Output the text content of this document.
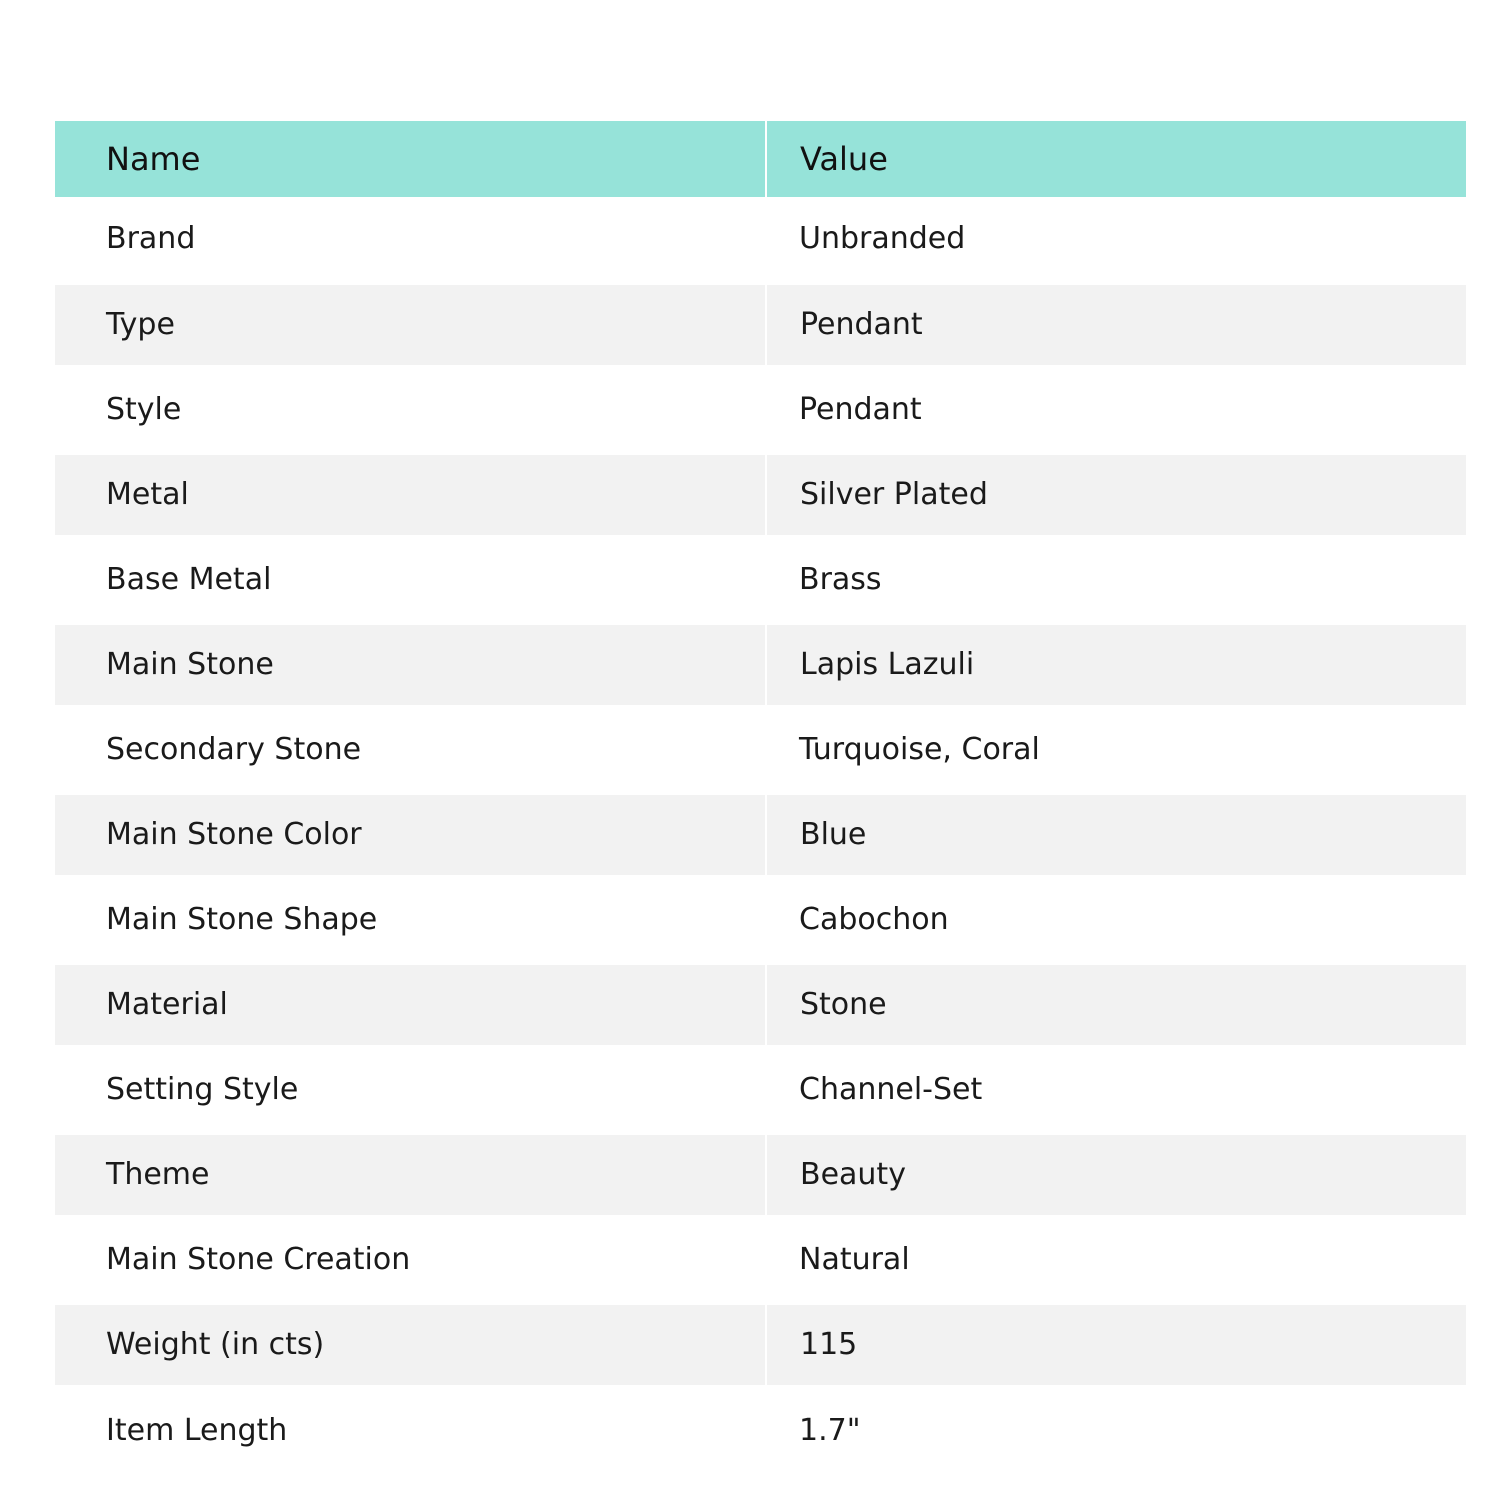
Name	Value
Brand	Unbranded
Type	Pendant
Style	Pendant
Metal	Silver Plated
Base Metal	Brass
Main Stone	Lapis Lazuli
Secondary Stone	Turquoise, Coral
Main Stone Color	Blue
Main Stone Shape	Cabochon
Material	Stone
Setting Style	Channel-Set
Theme	Beauty
Main Stone Creation	Natural
Weight (in cts)	115
Item Length	1.7"
